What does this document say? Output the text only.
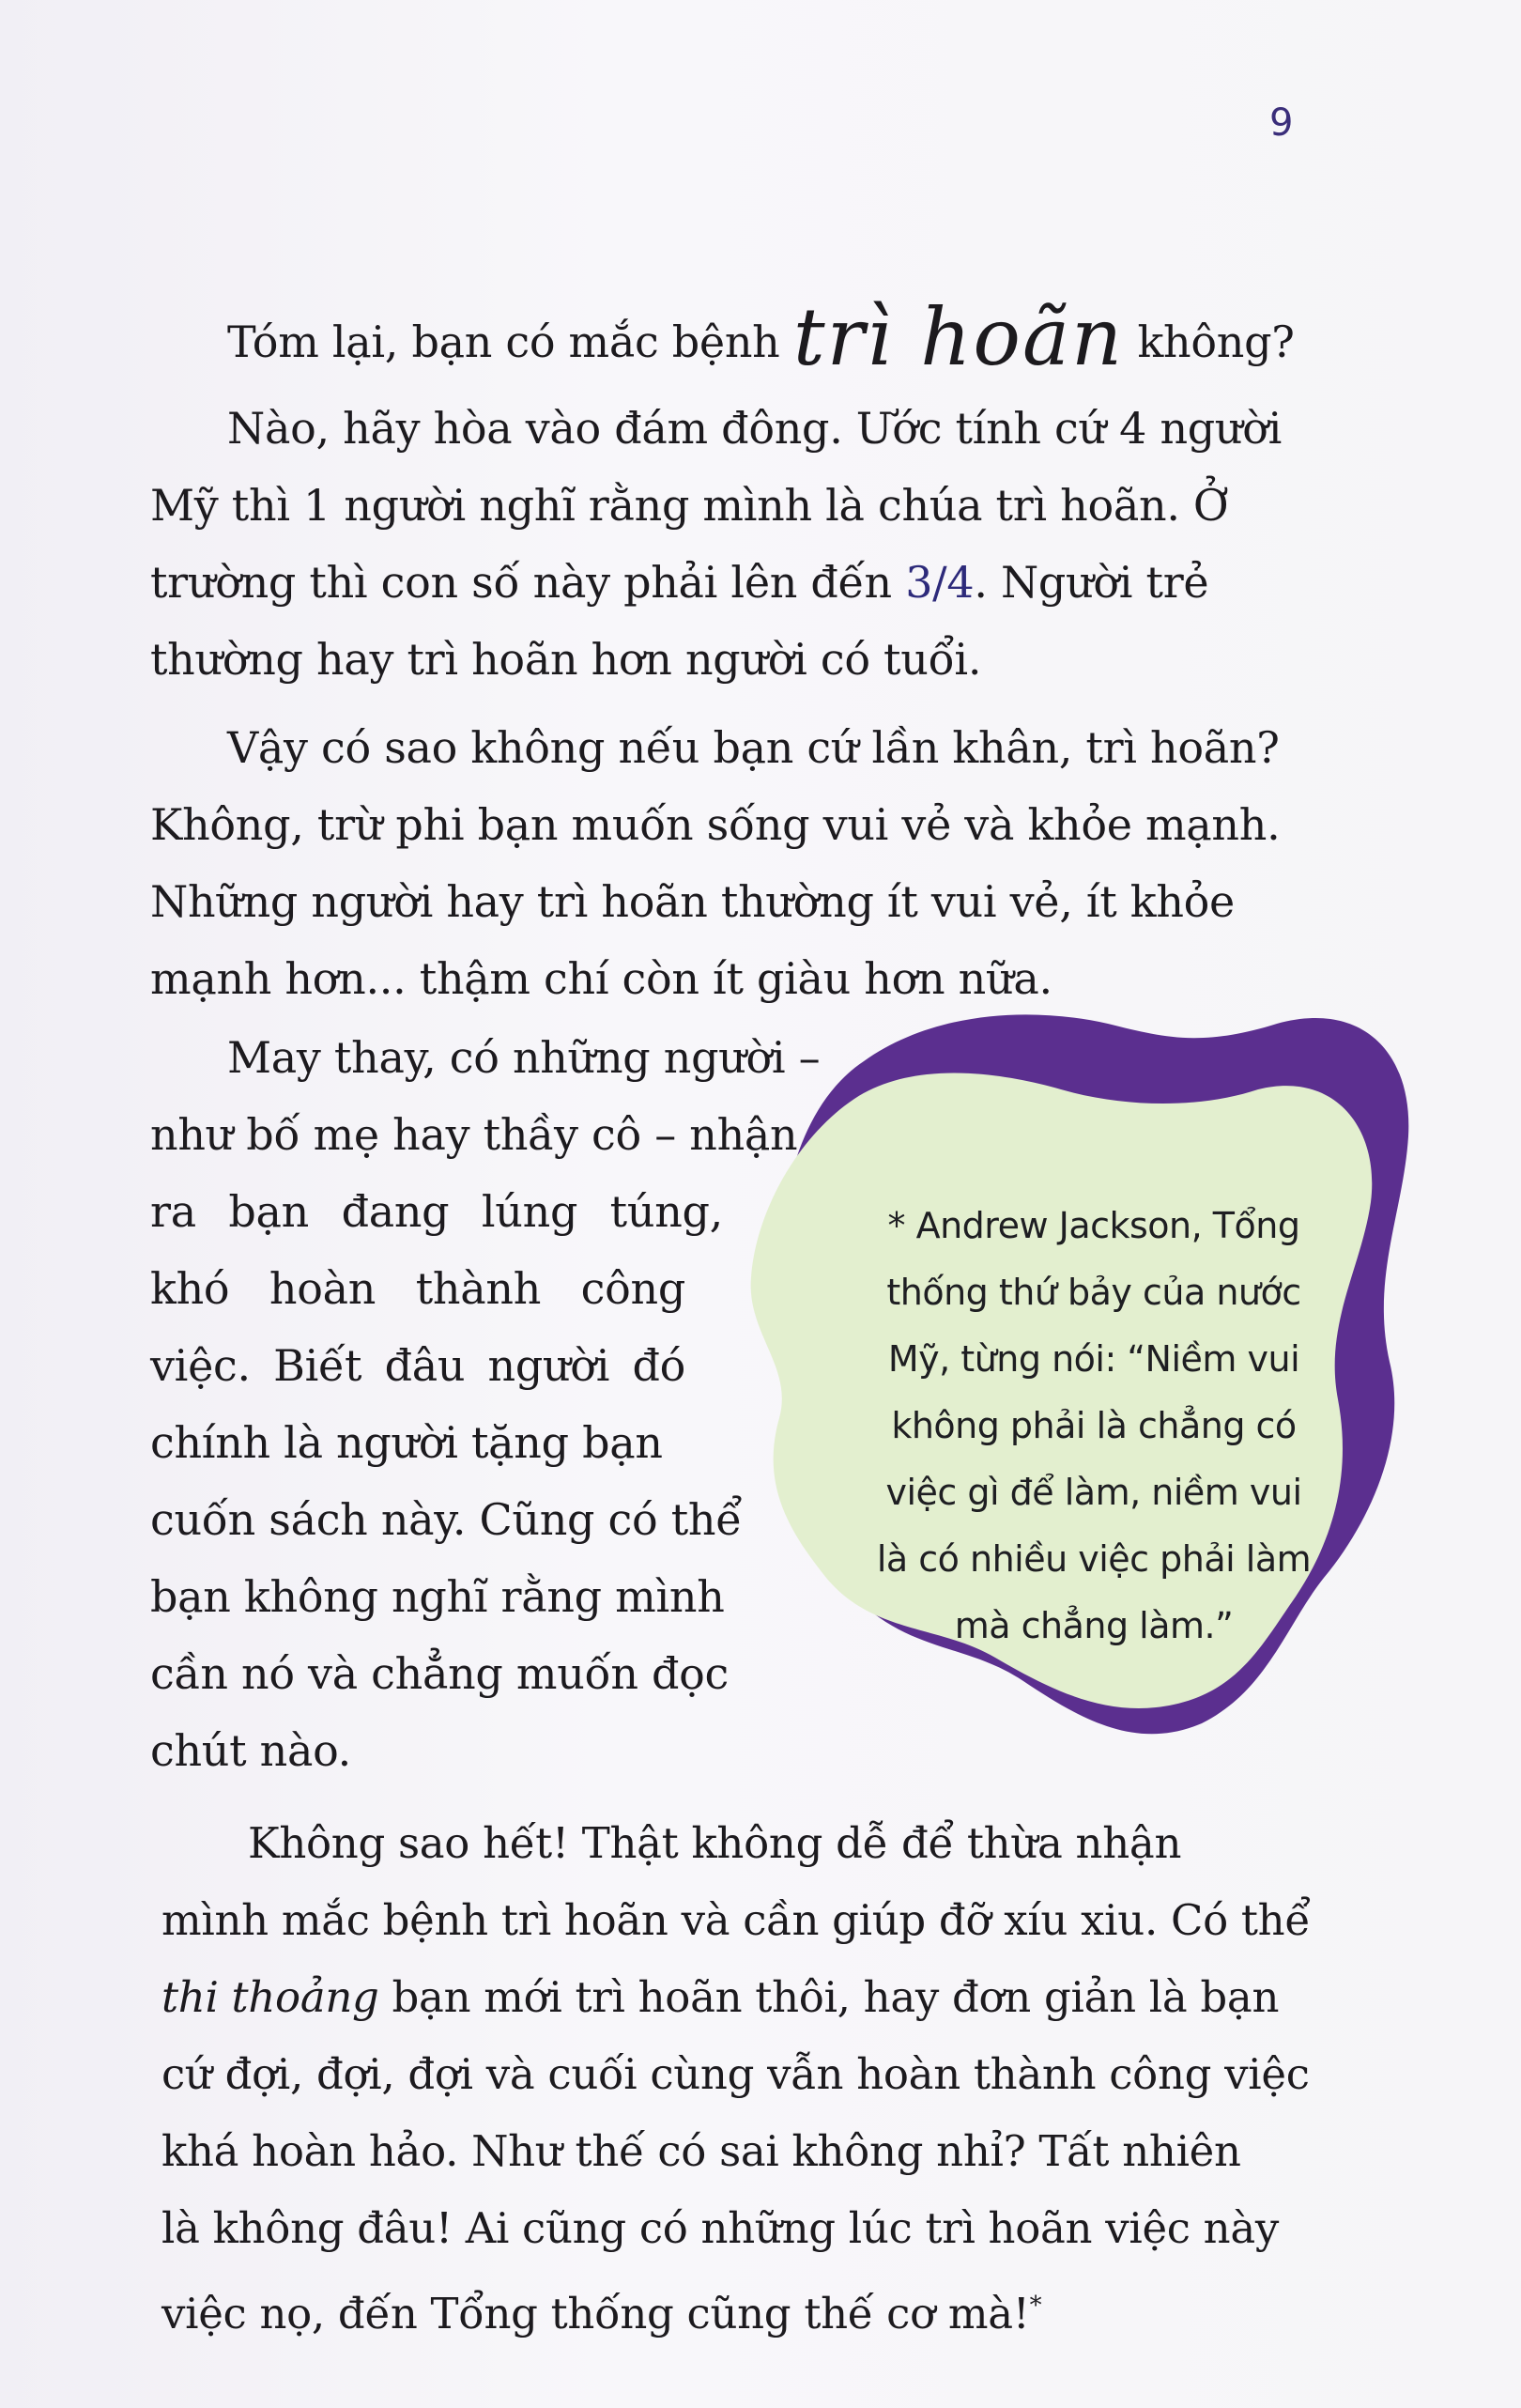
9
Tóm lại, bạn có mắc bệnh trì hoãn không?
Nào, hãy hòa vào đám đông. Ước tính cứ 4 người
Mỹ thì 1 người nghĩ rằng mình là chúa trì hoãn. Ở
trường thì con số này phải lên đến 3/4. Người trẻ
thường hay trì hoãn hơn người có tuổi.
Vậy có sao không nếu bạn cứ lần khân, trì hoãn?
Không, trừ phi bạn muốn sống vui vẻ và khỏe mạnh.
Những người hay trì hoãn thường ít vui vẻ, ít khỏe
mạnh hơn... thậm chí còn ít giàu hơn nữa.
May thay, có những người –
như bố mẹ hay thầy cô – nhận
ra bạn đang lúng túng,
khó hoàn thành công
việc. Biết đâu người đó
chính là người tặng bạn
cuốn sách này. Cũng có thể
bạn không nghĩ rằng mình
cần nó và chẳng muốn đọc
chút nào.
* Andrew Jackson, Tổng
thống thứ bảy của nước
Mỹ, từng nói: “Niềm vui
không phải là chẳng có
việc gì để làm, niềm vui
là có nhiều việc phải làm
mà chẳng làm.”
Không sao hết! Thật không dễ để thừa nhận
mình mắc bệnh trì hoãn và cần giúp đỡ xíu xiu. Có thể
thi thoảng bạn mới trì hoãn thôi, hay đơn giản là bạn
cứ đợi, đợi, đợi và cuối cùng vẫn hoàn thành công việc
khá hoàn hảo. Như thế có sai không nhỉ? Tất nhiên
là không đâu! Ai cũng có những lúc trì hoãn việc này
việc nọ, đến Tổng thống cũng thế cơ mà!*
